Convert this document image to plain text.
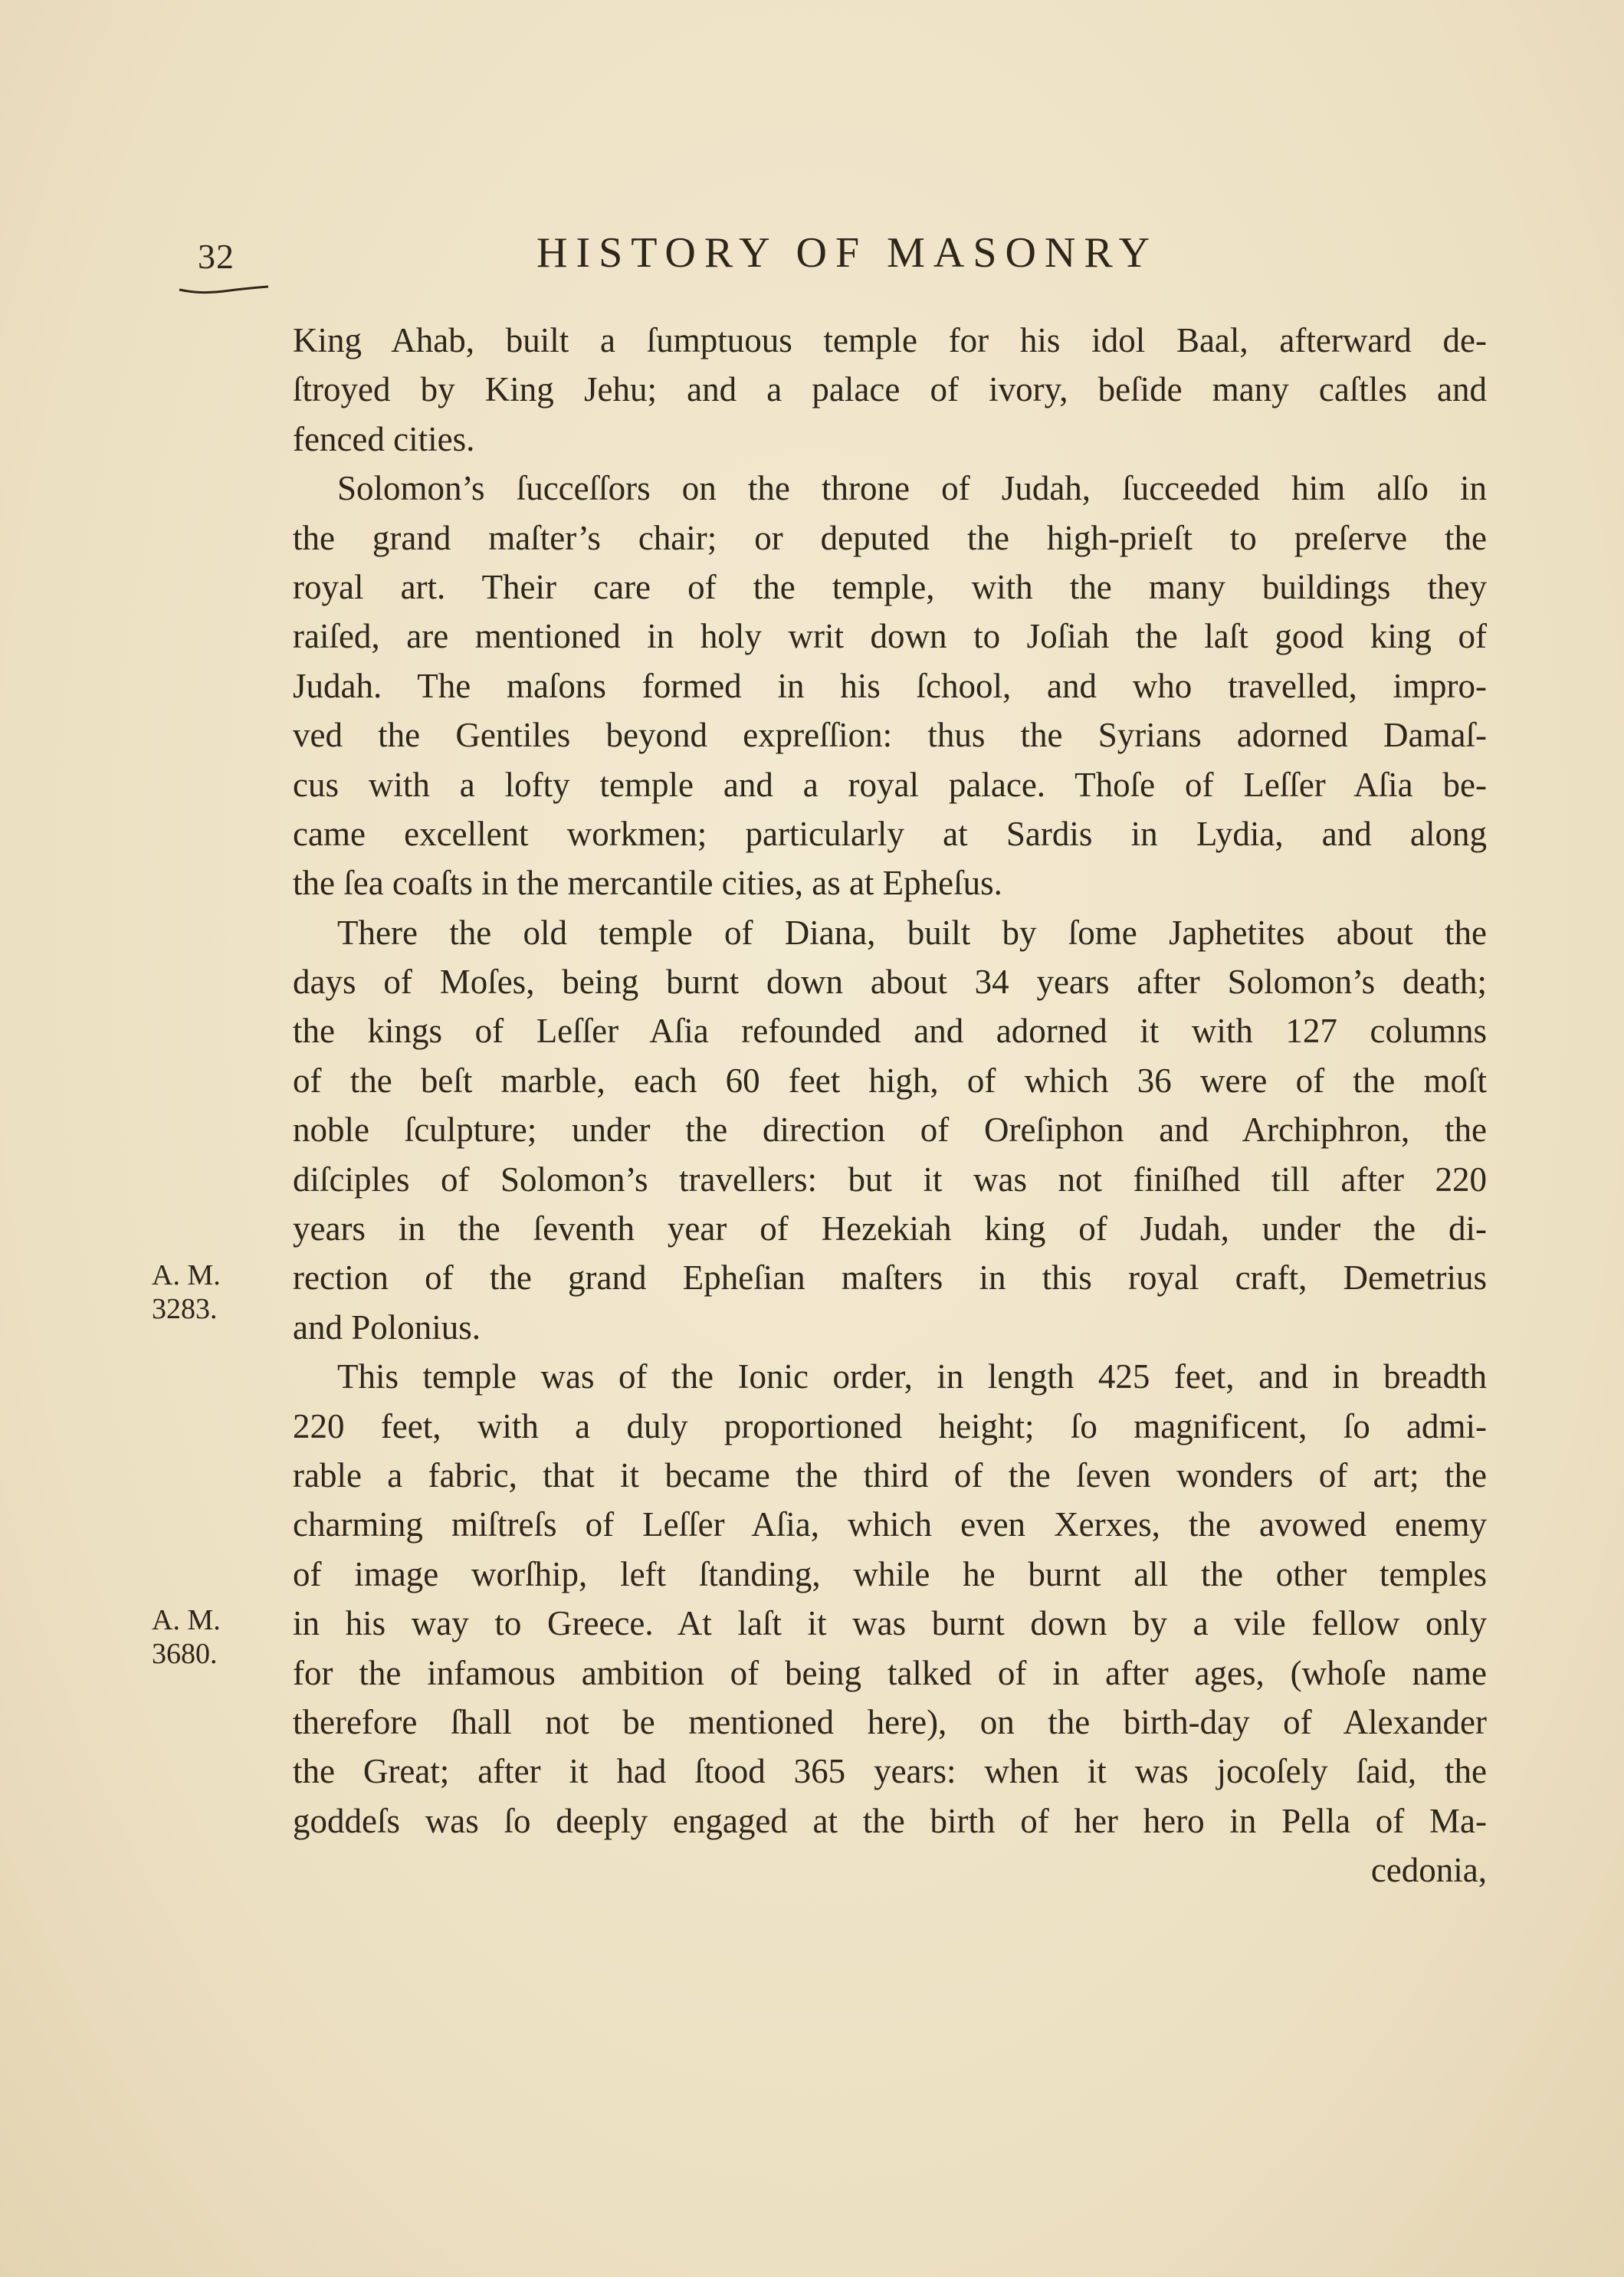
32	HISTORY OF MASONRY
King Ahab, built a ſumptuous temple for his idol Baal, afterward de-
ſtroyed by King Jehu; and a palace of ivory, beſide many caſtles and
fenced cities.
Solomon’s ſucceſſors on the throne of Judah, ſucceeded him alſo in
the grand maſter’s chair; or deputed the high-prieſt to preſerve the
royal art. Their care of the temple, with the many buildings they
raiſed, are mentioned in holy writ down to Joſiah the laſt good king of
Judah. The maſons formed in his ſchool, and who travelled, impro-
ved the Gentiles beyond expreſſion: thus the Syrians adorned Damaſ-
cus with a lofty temple and a royal palace. Thoſe of Leſſer Aſia be-
came excellent workmen; particularly at Sardis in Lydia, and along
the ſea coaſts in the mercantile cities, as at Epheſus.
There the old temple of Diana, built by ſome Japhetites about the
days of Moſes, being burnt down about 34 years after Solomon’s death;
the kings of Leſſer Aſia refounded and adorned it with 127 columns
of the beſt marble, each 60 feet high, of which 36 were of the moſt
noble ſculpture; under the direction of Oreſiphon and Archiphron, the
diſciples of Solomon’s travellers: but it was not finiſhed till after 220
years in the ſeventh year of Hezekiah king of Judah, under the di-
rection of the grand Epheſian maſters in this royal craft, Demetrius
and Polonius.
This temple was of the Ionic order, in length 425 feet, and in breadth
220 feet, with a duly proportioned height; ſo magnificent, ſo admi-
rable a fabric, that it became the third of the ſeven wonders of art; the
charming miſtreſs of Leſſer Aſia, which even Xerxes, the avowed enemy
of image worſhip, left ſtanding, while he burnt all the other temples
in his way to Greece. At laſt it was burnt down by a vile fellow only
for the infamous ambition of being talked of in after ages, (whoſe name
therefore ſhall not be mentioned here), on the birth-day of Alexander
the Great; after it had ſtood 365 years: when it was jocoſely ſaid, the
goddeſs was ſo deeply engaged at the birth of her hero in Pella of Ma-
cedonia,
A. M.
3283.
A. M.
3680.
